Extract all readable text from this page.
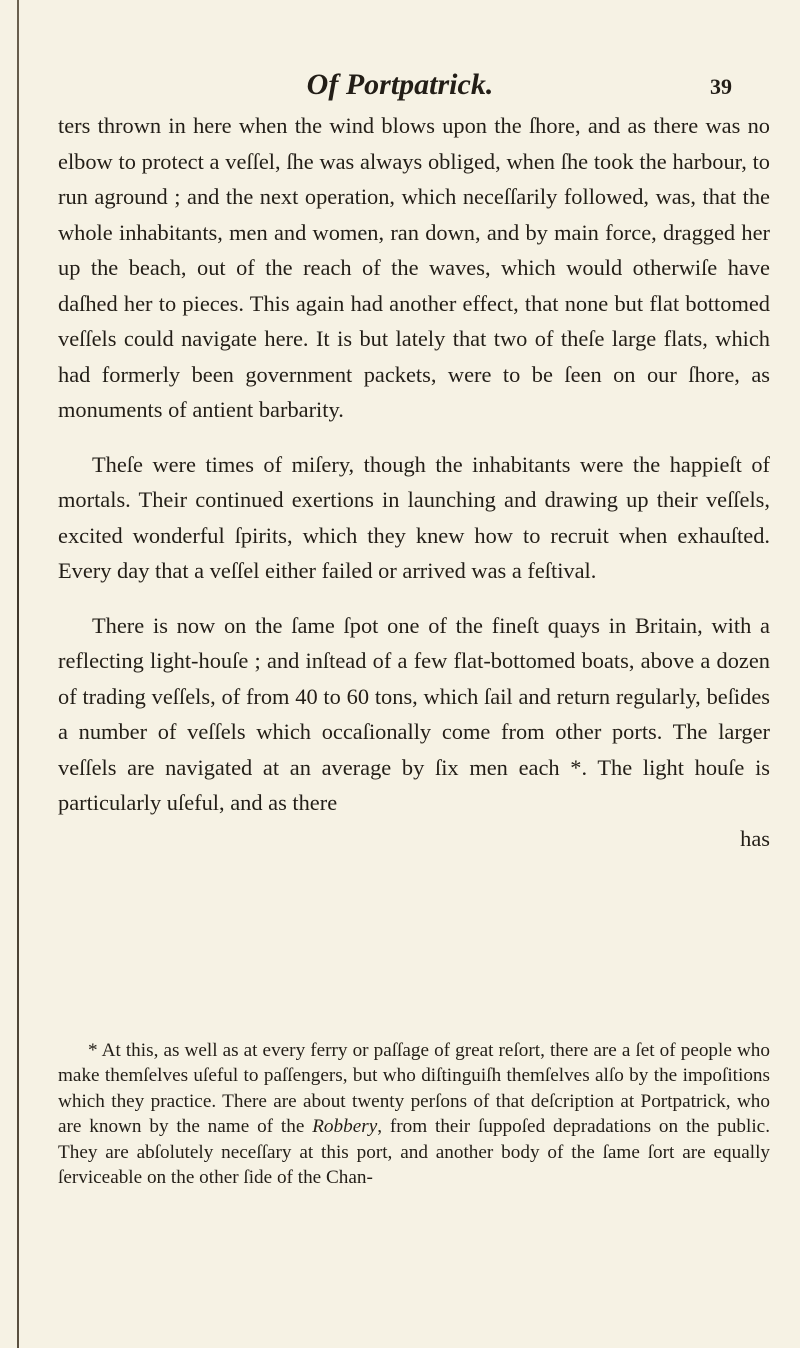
Of Portpatrick.	39

ters thrown in here when the wind blows upon the ſhore, and as there was no elbow to protect a veſſel, ſhe was always obliged, when ſhe took the harbour, to run aground ; and the next operation, which neceſſarily followed, was, that the whole inhabitants, men and women, ran down, and by main force, dragged her up the beach, out of the reach of the waves, which would otherwiſe have daſhed her to pieces. This again had another effect, that none but flat bottomed veſſels could navigate here. It is but lately that two of theſe large flats, which had formerly been government packets, were to be ſeen on our ſhore, as monuments of antient barbarity.

Theſe were times of miſery, though the inhabitants were the happieſt of mortals. Their continued exertions in launching and drawing up their veſſels, excited wonderful ſpirits, which they knew how to recruit when exhauſted. Every day that a veſſel either failed or arrived was a feſtival.

There is now on the ſame ſpot one of the fineſt quays in Britain, with a reflecting light-houſe ; and inſtead of a few flat-bottomed boats, above a dozen of trading veſſels, of from 40 to 60 tons, which ſail and return regularly, beſides a number of veſſels which occaſionally come from other ports. The larger veſſels are navigated at an average by ſix men each *. The light houſe is particularly uſeful, and as there

has
* At this, as well as at every ferry or paſſage of great reſort, there are a ſet of people who make themſelves uſeful to paſſengers, but who diſtinguiſh themſelves alſo by the impoſitions which they practice. There are about twenty perſons of that deſcription at Portpatrick, who are known by the name of the Robbery, from their ſuppoſed depradations on the public. They are abſolutely neceſſary at this port, and another body of the ſame ſort are equally ſerviceable on the other ſide of the Chan-
